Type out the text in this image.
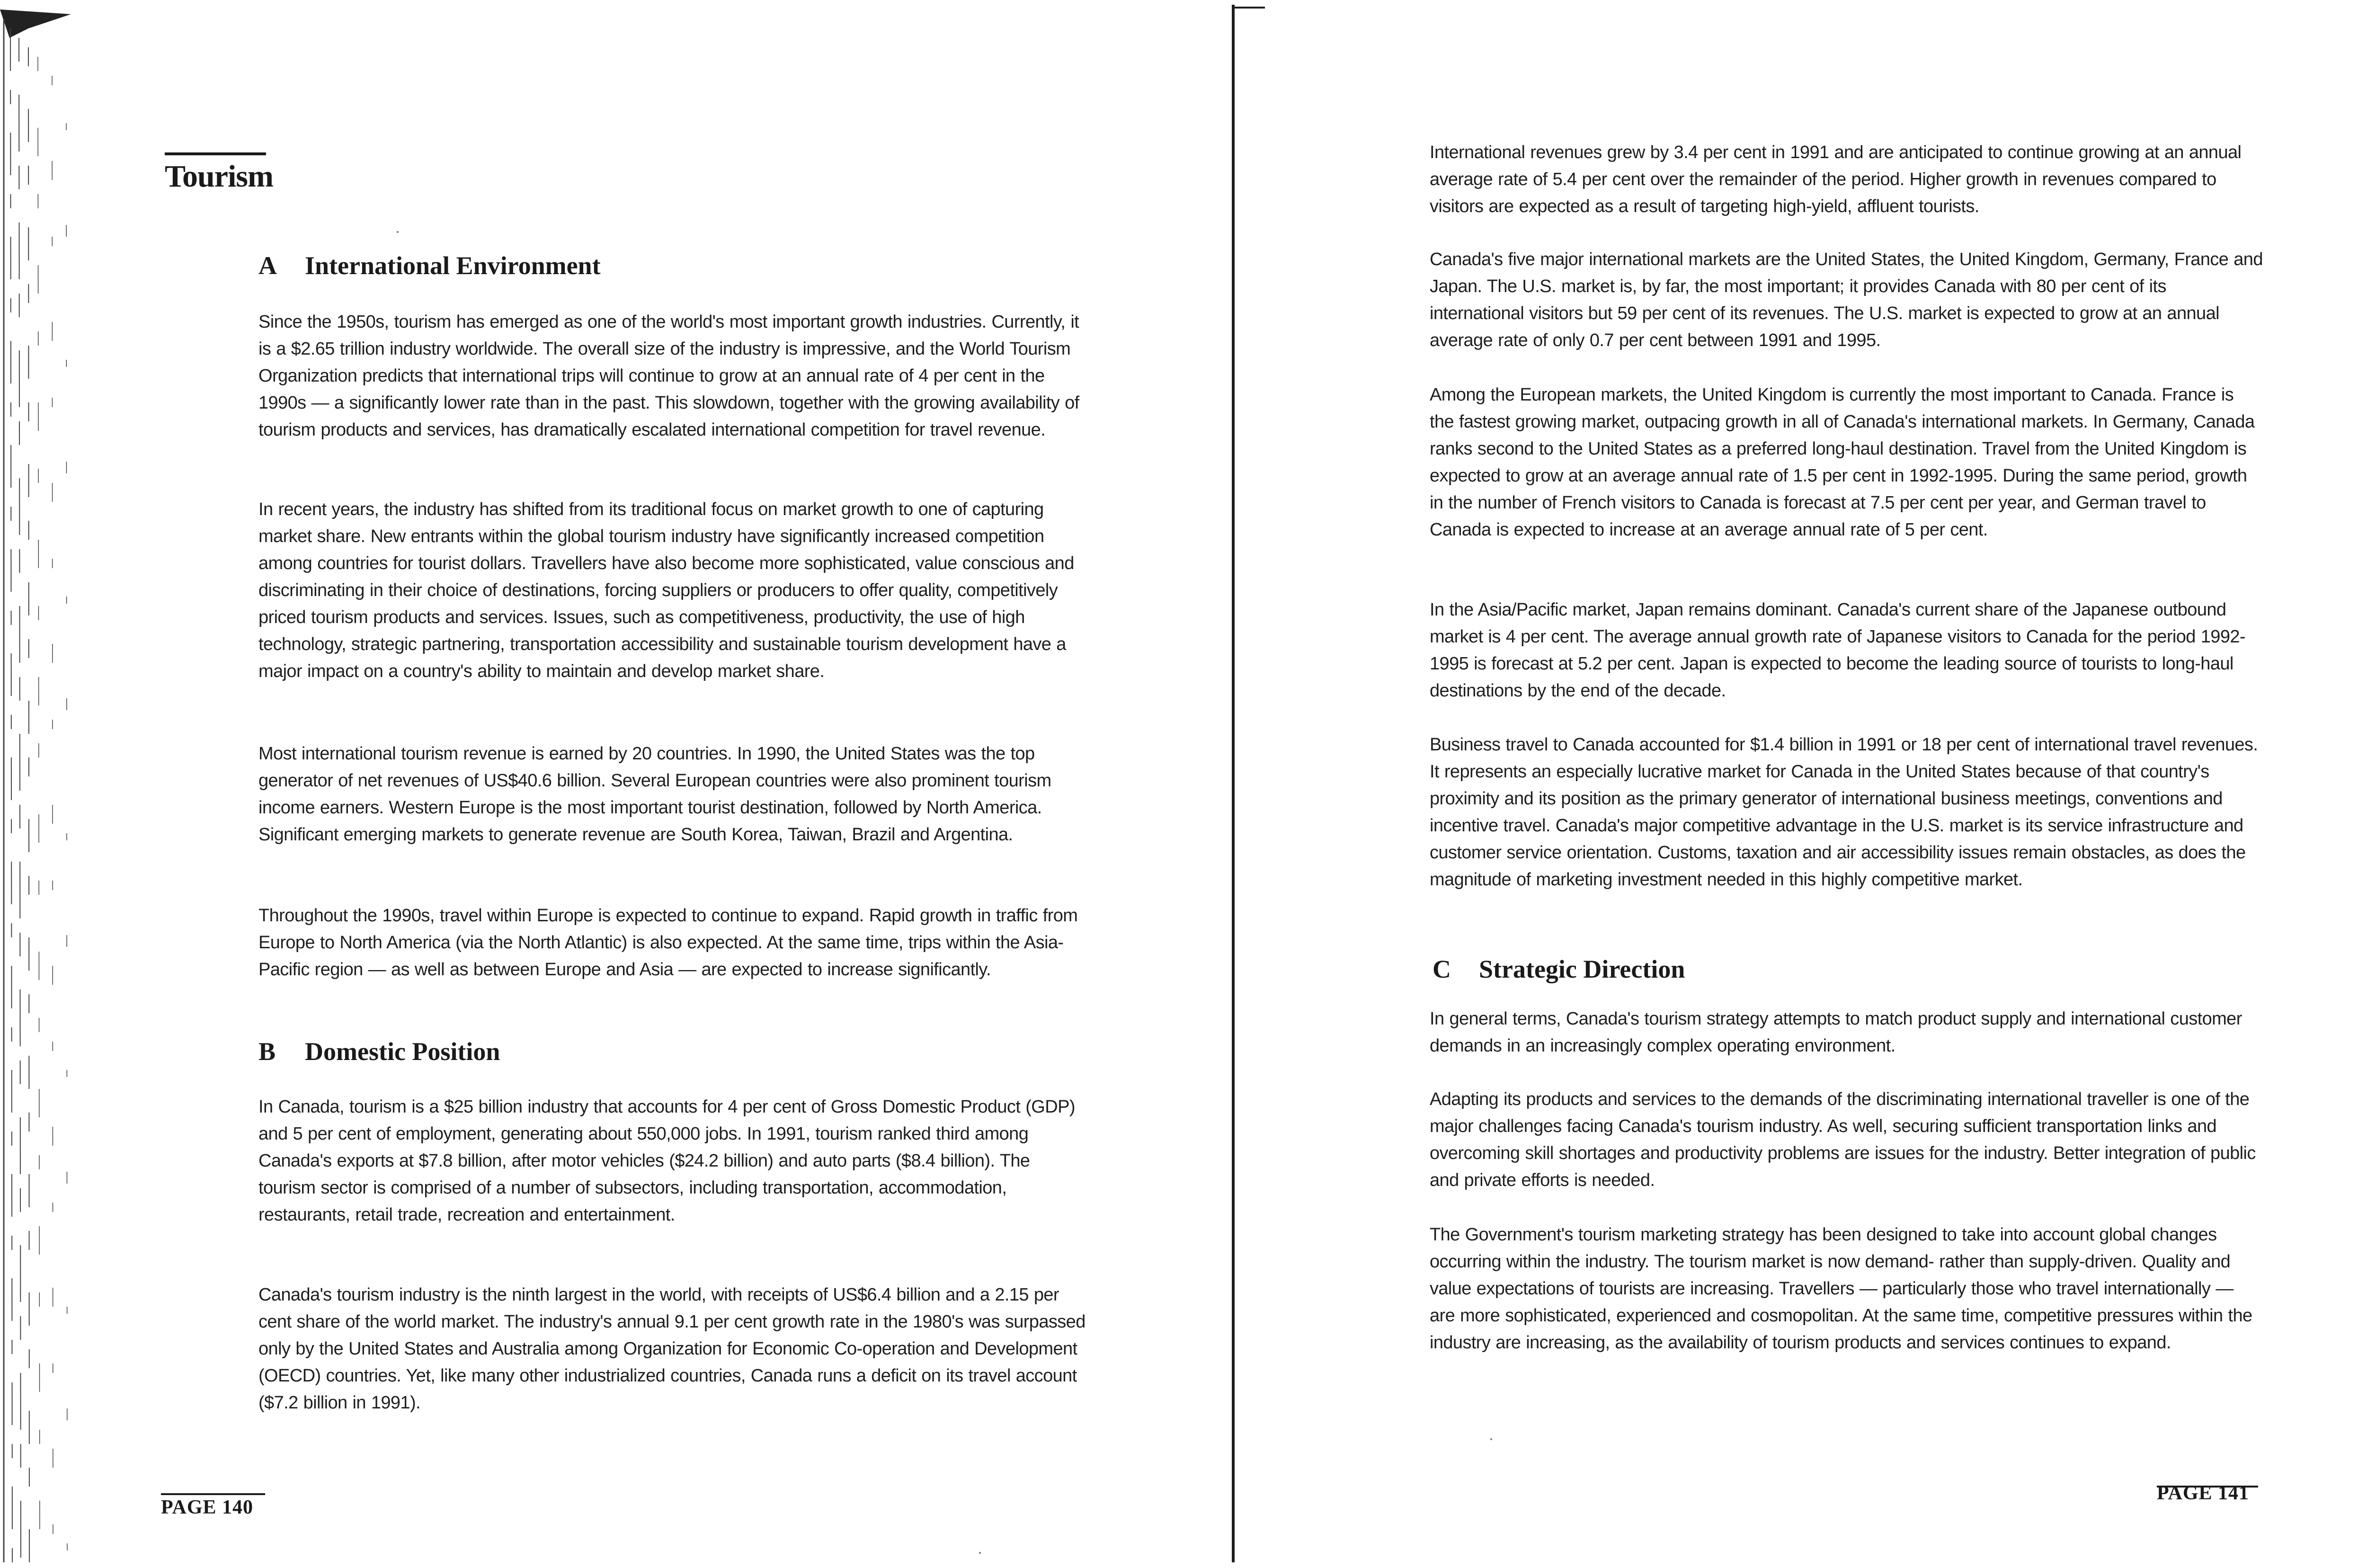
Tourism
A International Environment

Since the 1950s, tourism has emerged as one of the world's most important growth industries. Currently, it is a $2.65 trillion industry worldwide. The overall size of the industry is impressive, and the World Tourism Organization predicts that international trips will continue to grow at an annual rate of 4 per cent in the 1990s — a significantly lower rate than in the past. This slowdown, together with the growing availability of tourism products and services, has dramatically escalated international competition for travel revenue.

In recent years, the industry has shifted from its traditional focus on market growth to one of capturing market share. New entrants within the global tourism industry have significantly increased competition among countries for tourist dollars. Travellers have also become more sophisticated, value conscious and discriminating in their choice of destinations, forcing suppliers or producers to offer quality, competitively priced tourism products and services. Issues, such as competitiveness, productivity, the use of high technology, strategic partnering, transportation accessibility and sustainable tourism development have a major impact on a country's ability to maintain and develop market share.

Most international tourism revenue is earned by 20 countries. In 1990, the United States was the top generator of net revenues of US$40.6 billion. Several European countries were also prominent tourism income earners. Western Europe is the most important tourist destination, followed by North America. Significant emerging markets to generate revenue are South Korea, Taiwan, Brazil and Argentina.

Throughout the 1990s, travel within Europe is expected to continue to expand. Rapid growth in traffic from Europe to North America (via the North Atlantic) is also expected. At the same time, trips within the Asia-Pacific region — as well as between Europe and Asia — are expected to increase significantly.

B Domestic Position

In Canada, tourism is a $25 billion industry that accounts for 4 per cent of Gross Domestic Product (GDP) and 5 per cent of employment, generating about 550,000 jobs. In 1991, tourism ranked third among Canada's exports at $7.8 billion, after motor vehicles ($24.2 billion) and auto parts ($8.4 billion). The tourism sector is comprised of a number of subsectors, including transportation, accommodation, restaurants, retail trade, recreation and entertainment.

Canada's tourism industry is the ninth largest in the world, with receipts of US$6.4 billion and a 2.15 per cent share of the world market. The industry's annual 9.1 per cent growth rate in the 1980's was surpassed only by the United States and Australia among Organization for Economic Co-operation and Development (OECD) countries. Yet, like many other industrialized countries, Canada runs a deficit on its travel account ($7.2 billion in 1991).

PAGE 140

International revenues grew by 3.4 per cent in 1991 and are anticipated to continue growing at an annual average rate of 5.4 per cent over the remainder of the period. Higher growth in revenues compared to visitors are expected as a result of targeting high-yield, affluent tourists.

Canada's five major international markets are the United States, the United Kingdom, Germany, France and Japan. The U.S. market is, by far, the most important; it provides Canada with 80 per cent of its international visitors but 59 per cent of its revenues. The U.S. market is expected to grow at an annual average rate of only 0.7 per cent between 1991 and 1995.

Among the European markets, the United Kingdom is currently the most important to Canada. France is the fastest growing market, outpacing growth in all of Canada's international markets. In Germany, Canada ranks second to the United States as a preferred long-haul destination. Travel from the United Kingdom is expected to grow at an average annual rate of 1.5 per cent in 1992-1995. During the same period, growth in the number of French visitors to Canada is forecast at 7.5 per cent per year, and German travel to Canada is expected to increase at an average annual rate of 5 per cent.

In the Asia/Pacific market, Japan remains dominant. Canada's current share of the Japanese outbound market is 4 per cent. The average annual growth rate of Japanese visitors to Canada for the period 1992-1995 is forecast at 5.2 per cent. Japan is expected to become the leading source of tourists to long-haul destinations by the end of the decade.

Business travel to Canada accounted for $1.4 billion in 1991 or 18 per cent of international travel revenues. It represents an especially lucrative market for Canada in the United States because of that country's proximity and its position as the primary generator of international business meetings, conventions and incentive travel. Canada's major competitive advantage in the U.S. market is its service infrastructure and customer service orientation. Customs, taxation and air accessibility issues remain obstacles, as does the magnitude of marketing investment needed in this highly competitive market.

C Strategic Direction

In general terms, Canada's tourism strategy attempts to match product supply and international customer demands in an increasingly complex operating environment.

Adapting its products and services to the demands of the discriminating international traveller is one of the major challenges facing Canada's tourism industry. As well, securing sufficient transportation links and overcoming skill shortages and productivity problems are issues for the industry. Better integration of public and private efforts is needed.

The Government's tourism marketing strategy has been designed to take into account global changes occurring within the industry. The tourism market is now demand- rather than supply-driven. Quality and value expectations of tourists are increasing. Travellers — particularly those who travel internationally — are more sophisticated, experienced and cosmopolitan. At the same time, competitive pressures within the industry are increasing, as the availability of tourism products and services continues to expand.

PAGE 141
